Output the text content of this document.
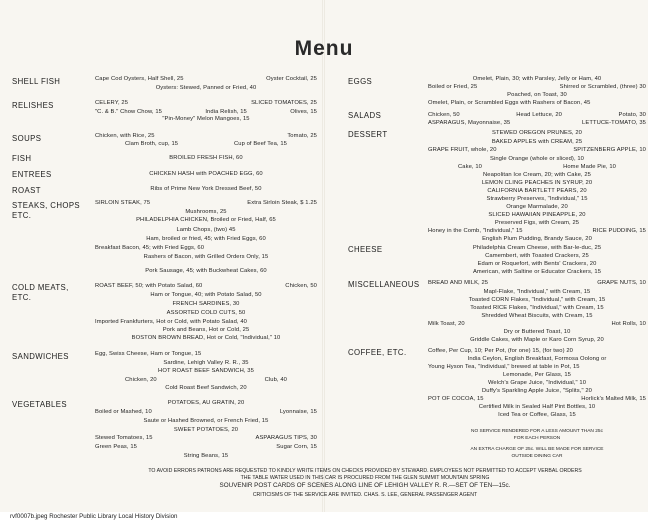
Menu
SHELL FISH
RELISHES
SOUPS
FISH
ENTREES
ROAST
STEAKS, CHOPS
ETC.
COLD MEATS,
ETC.
SANDWICHES
VEGETABLES
EGGS
SALADS
DESSERT
CHEESE
MISCELLANEOUS
COFFEE, ETC.
Cape Cod Oysters, Half Shell, 25	Oyster Cocktail, 25
Oysters: Stewed, Panned or Fried, 40
CELERY, 25	SLICED TOMATOES, 25
"C. & B." Chow Chow, 15	India Relish, 15	Olives, 15
"Pin-Money" Melon Mangoes, 15
Chicken, with Rice, 25	Tomato, 25
Clam Broth, cup, 15	Cup of Beef Tea, 15
BROILED FRESH FISH, 60
CHICKEN HASH with POACHED EGG, 60
Ribs of Prime New York Dressed Beef, 50
SIRLOIN STEAK, 75	Extra Sirloin Steak, $ 1.25
Mushrooms, 25
PHILADELPHIA CHICKEN, Broiled or Fried, Half, 65
Lamb Chops, (two) 45
Ham, broiled or fried, 45; with Fried Eggs, 60
Breakfast Bacon, 45; with Fried Eggs, 60
Rashers of Bacon, with Grilled Orders Only, 15
Pork Sausage, 45; with Buckwheat Cakes, 60
ROAST BEEF, 50; with Potato Salad, 60	Chicken, 50
Ham or Tongue, 40; with Potato Salad, 50
FRENCH SARDINES, 30
ASSORTED COLD CUTS, 50
Imported Frankfurters, Hot or Cold, with Potato Salad, 40
Pork and Beans, Hot or Cold, 25
BOSTON BROWN BREAD, Hot or Cold, "Individual," 10
Egg, Swiss Cheese, Ham or Tongue, 15
Sardine, Lehigh Valley R. R., 35
HOT ROAST BEEF SANDWICH, 35
Chicken, 20	Club, 40
Cold Roast Beef Sandwich, 20
POTATOES, AU GRATIN, 20
Boiled or Mashed, 10	Lyonnaise, 15
Saute or Hashed Browned, or French Fried, 15
SWEET POTATOES, 20
Stewed Tomatoes, 15	ASPARAGUS TIPS, 30
Green Peas, 15	Sugar Corn, 15
String Beans, 15
Omelet, Plain, 30; with Parsley, Jelly or Ham, 40
Boiled or Fried, 25	Shirred or Scrambled, (three) 30
Poached, on Toast, 30
Omelet, Plain, or Scrambled Eggs with Rashers of Bacon, 45
Chicken, 50	Head Lettuce, 20	Potato, 30
ASPARAGUS, Mayonnaise, 35	LETTUCE-TOMATO, 35
STEWED OREGON PRUNES, 20
BAKED APPLES with CREAM, 25
GRAPE FRUIT, whole, 20	SPITZENBERG APPLE, 10
Single Orange (whole or sliced), 10
Cake, 10	Home Made Pie, 10
Neapolitan Ice Cream, 20; with Cake, 25
LEMON CLING PEACHES IN SYRUP, 20
CALIFORNIA BARTLETT PEARS, 20
Strawberry Preserves, "Individual," 15
Orange Marmalade, 20
SLICED HAWAIIAN PINEAPPLE, 20
Preserved Figs, with Cream, 25
Honey in the Comb, "Individual," 15	RICE PUDDING, 15
English Plum Pudding, Brandy Sauce, 20
Philadelphia Cream Cheese, with Bar-le-duc, 25
Camembert, with Toasted Crackers, 25
Edam or Roquefort, with Bents' Crackers, 20
American, with Saltine or Educator Crackers, 15
BREAD AND MILK, 25	GRAPE NUTS, 10
Mapl-Flake, "Individual," with Cream, 15
Toasted CORN Flakes, "Individual," with Cream, 15
Toasted RICE Flakes, "Individual," with Cream, 15
Shredded Wheat Biscuits, with Cream, 15
Milk Toast, 20	Hot Rolls, 10
Dry or Buttered Toast, 10
Griddle Cakes, with Maple or Karo Corn Syrup, 20
Coffee, Per Cup, 10; Per Pot, (for one) 15, (for two) 20
India Ceylon, English Breakfast, Formosa Oolong or
Young Hyson Tea, "Individual," brewed at table in Pot, 15
Lemonade, Per Glass, 15
Welch's Grape Juice, "Individual," 10
Duffy's Sparkling Apple Juice, "Splits," 20
POT OF COCOA, 15	Horlick's Malted Milk, 15
Certified Milk in Sealed Half Pint Bottles, 10
Iced Tea or Coffee, Glass, 15
NO SERVICE RENDERED FOR A LESS AMOUNT THAN 25c
FOR EACH PERSON
AN EXTRA CHARGE OF 25c. WILL BE MADE FOR SERVICE
OUTSIDE DINING CAR
TO AVOID ERRORS PATRONS ARE REQUESTED TO KINDLY WRITE ITEMS ON CHECKS PROVIDED BY STEWARD. EMPLOYEES NOT PERMITTED TO ACCEPT VERBAL ORDERS
THE TABLE WATER USED IN THIS CAR IS PROCURED FROM THE GLEN SUMMIT MOUNTAIN SPRING
SOUVENIR POST CARDS OF SCENES ALONG LINE OF LEHIGH VALLEY R. R.—SET OF TEN—15c.
CRITICISMS OF THE SERVICE ARE INVITED. CHAS. S. LEE, GENERAL PASSENGER AGENT
rvf0007b.jpeg Rochester Public Library Local History Division
